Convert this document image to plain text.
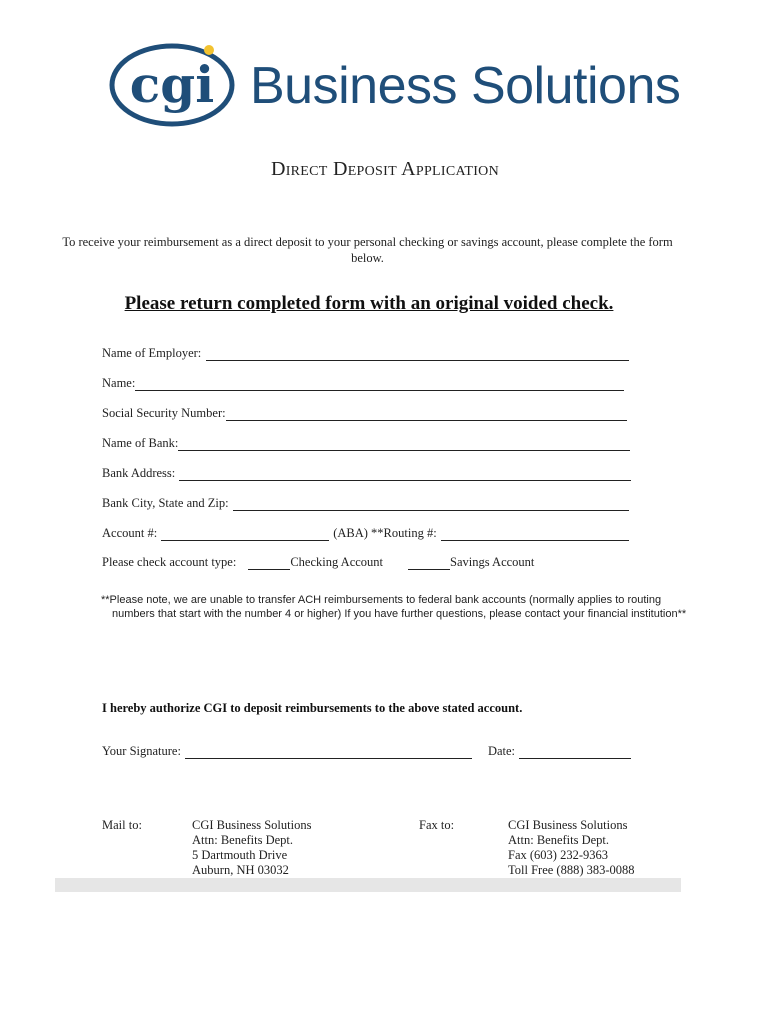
cgi Business Solutions
Direct Deposit Application
To receive your reimbursement as a direct deposit to your personal checking or savings account, please complete the form below.
Please return completed form with an original voided check.
Name of Employer:
Name:
Social Security Number:
Name of Bank:
Bank Address:
Bank City, State and Zip:
Account #:	(ABA) **Routing #:
Please check account type:	Checking Account	Savings Account
**Please note, we are unable to transfer ACH reimbursements to federal bank accounts (normally applies to routing numbers that start with the number 4 or higher) If you have further questions, please contact your financial institution**
I hereby authorize CGI to deposit reimbursements to the above stated account.
Your Signature:	Date:
Mail to:	CGI Business Solutions
Attn: Benefits Dept.
5 Dartmouth Drive
Auburn, NH 03032
Fax to:	CGI Business Solutions
Attn: Benefits Dept.
Fax (603) 232-9363
Toll Free (888) 383-0088
